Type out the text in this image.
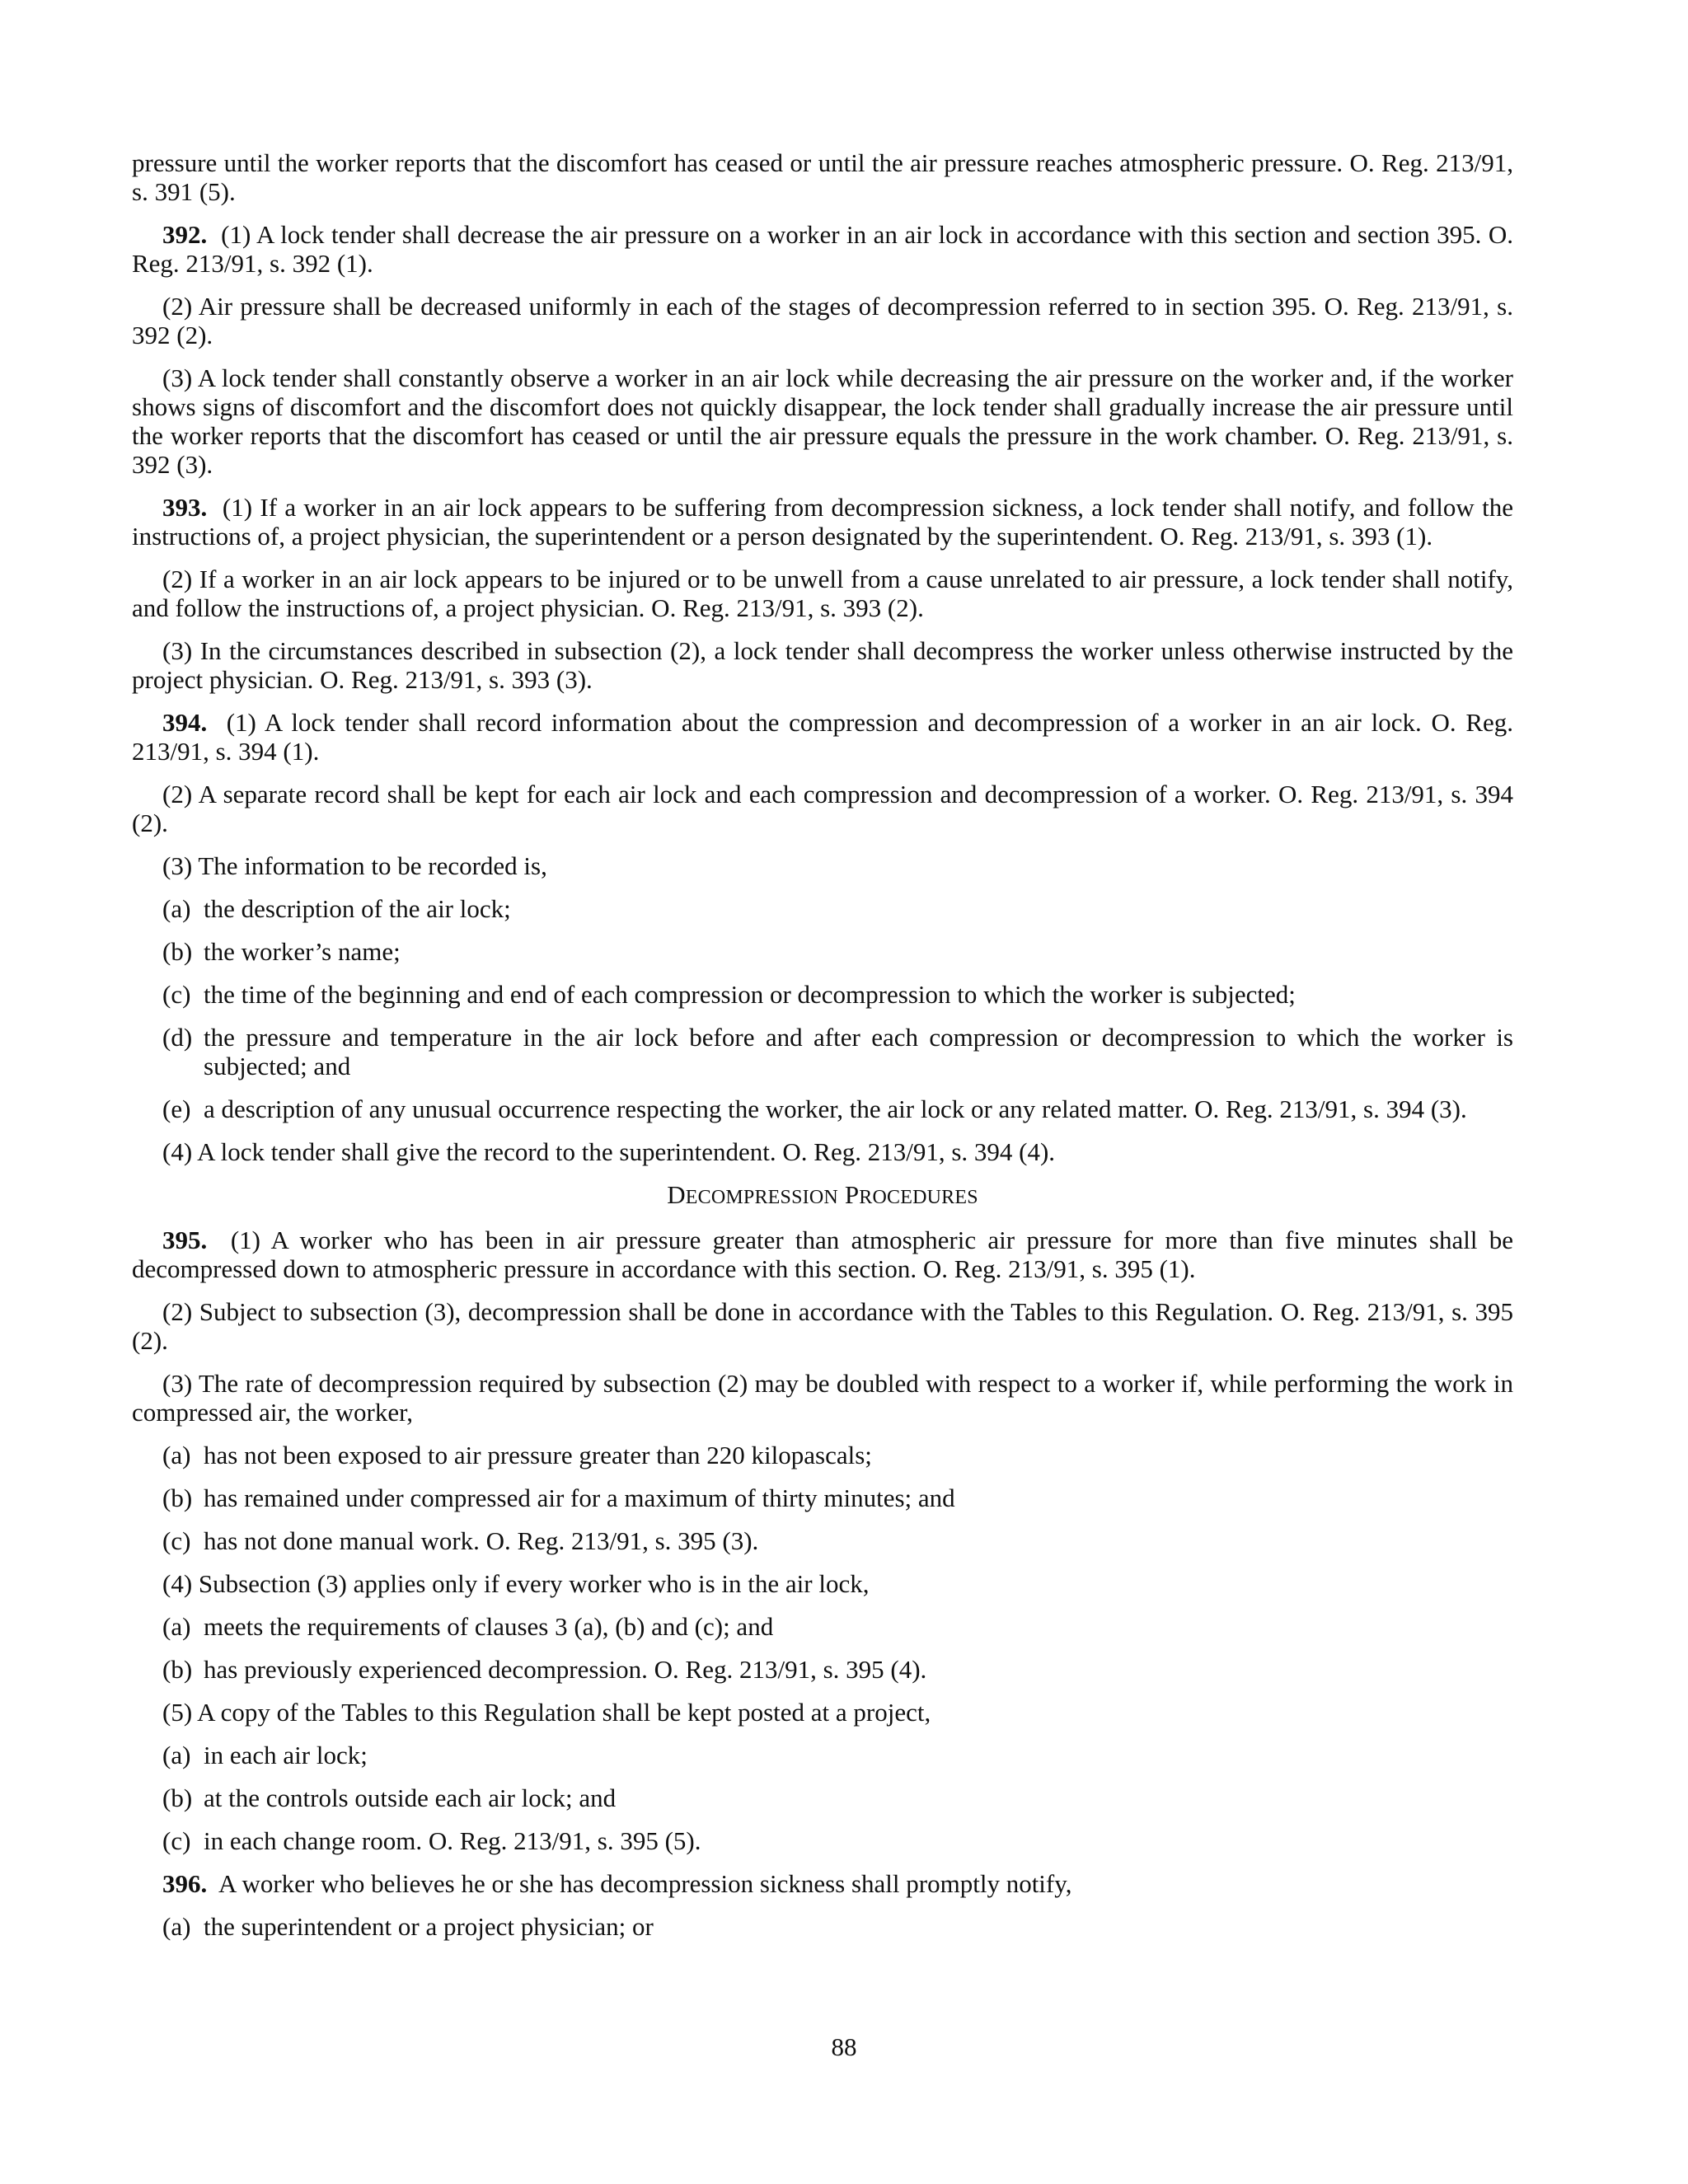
pressure until the worker reports that the discomfort has ceased or until the air pressure reaches atmospheric pressure. O. Reg. 213/91, s. 391 (5).

392. (1) A lock tender shall decrease the air pressure on a worker in an air lock in accordance with this section and section 395. O. Reg. 213/91, s. 392 (1).

(2) Air pressure shall be decreased uniformly in each of the stages of decompression referred to in section 395. O. Reg. 213/91, s. 392 (2).

(3) A lock tender shall constantly observe a worker in an air lock while decreasing the air pressure on the worker and, if the worker shows signs of discomfort and the discomfort does not quickly disappear, the lock tender shall gradually increase the air pressure until the worker reports that the discomfort has ceased or until the air pressure equals the pressure in the work chamber. O. Reg. 213/91, s. 392 (3).

393. (1) If a worker in an air lock appears to be suffering from decompression sickness, a lock tender shall notify, and follow the instructions of, a project physician, the superintendent or a person designated by the superintendent. O. Reg. 213/91, s. 393 (1).

(2) If a worker in an air lock appears to be injured or to be unwell from a cause unrelated to air pressure, a lock tender shall notify, and follow the instructions of, a project physician. O. Reg. 213/91, s. 393 (2).

(3) In the circumstances described in subsection (2), a lock tender shall decompress the worker unless otherwise instructed by the project physician. O. Reg. 213/91, s. 393 (3).

394. (1) A lock tender shall record information about the compression and decompression of a worker in an air lock. O. Reg. 213/91, s. 394 (1).

(2) A separate record shall be kept for each air lock and each compression and decompression of a worker. O. Reg. 213/91, s. 394 (2).

(3) The information to be recorded is,

(a) the description of the air lock;

(b) the worker’s name;

(c) the time of the beginning and end of each compression or decompression to which the worker is subjected;

(d) the pressure and temperature in the air lock before and after each compression or decompression to which the worker is subjected; and

(e) a description of any unusual occurrence respecting the worker, the air lock or any related matter. O. Reg. 213/91, s. 394 (3).

(4) A lock tender shall give the record to the superintendent. O. Reg. 213/91, s. 394 (4).

DECOMPRESSION PROCEDURES

395. (1) A worker who has been in air pressure greater than atmospheric air pressure for more than five minutes shall be decompressed down to atmospheric pressure in accordance with this section. O. Reg. 213/91, s. 395 (1).

(2) Subject to subsection (3), decompression shall be done in accordance with the Tables to this Regulation. O. Reg. 213/91, s. 395 (2).

(3) The rate of decompression required by subsection (2) may be doubled with respect to a worker if, while performing the work in compressed air, the worker,

(a) has not been exposed to air pressure greater than 220 kilopascals;

(b) has remained under compressed air for a maximum of thirty minutes; and

(c) has not done manual work. O. Reg. 213/91, s. 395 (3).

(4) Subsection (3) applies only if every worker who is in the air lock,

(a) meets the requirements of clauses 3 (a), (b) and (c); and

(b) has previously experienced decompression. O. Reg. 213/91, s. 395 (4).

(5) A copy of the Tables to this Regulation shall be kept posted at a project,

(a) in each air lock;

(b) at the controls outside each air lock; and

(c) in each change room. O. Reg. 213/91, s. 395 (5).

396. A worker who believes he or she has decompression sickness shall promptly notify,

(a) the superintendent or a project physician; or

88
